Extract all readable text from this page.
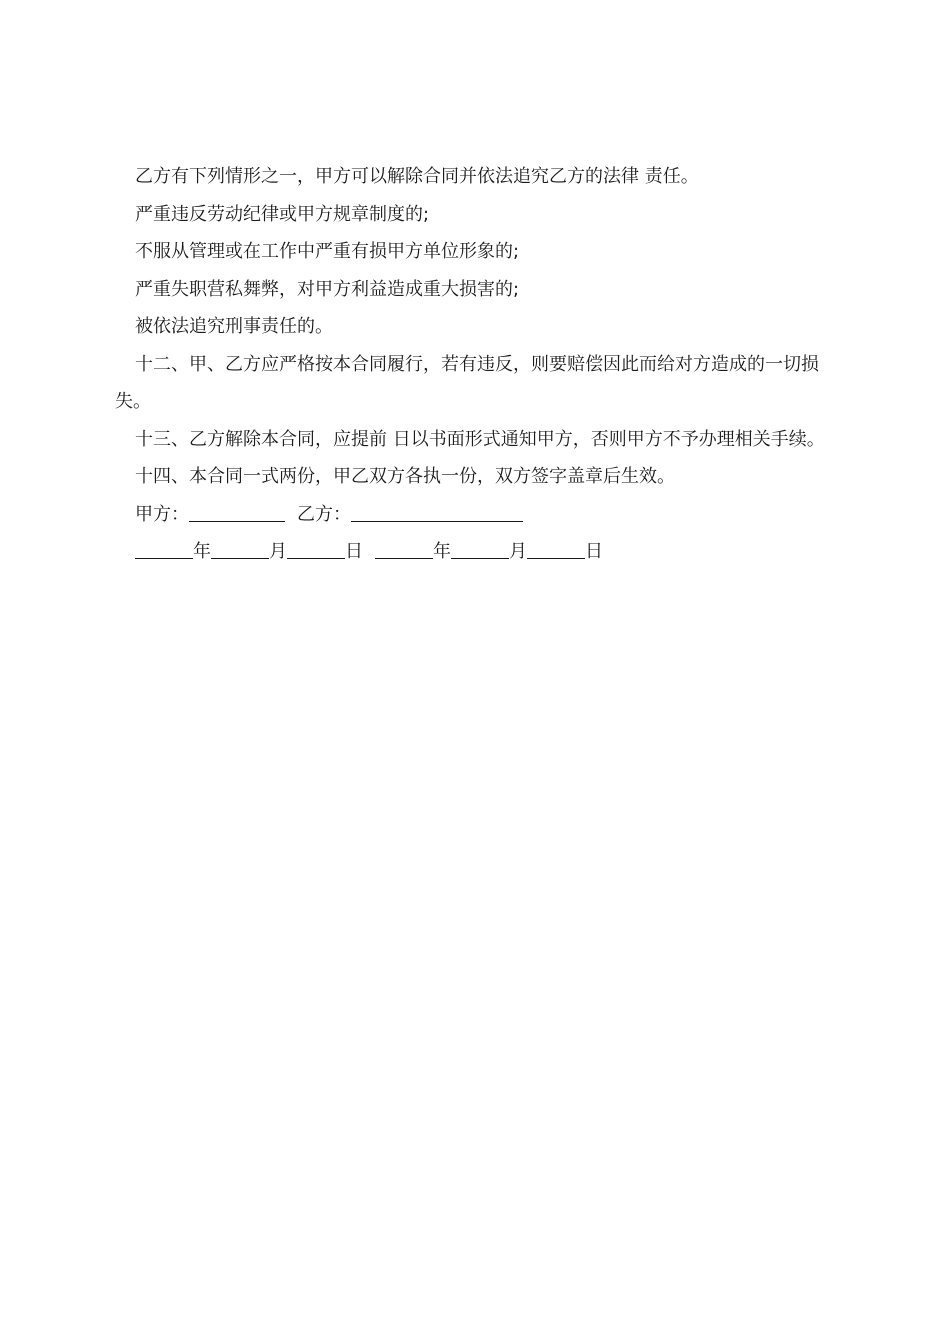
乙方有下列情形之一，甲方可以解除合同并依法追究乙方的法律 责任。

严重违反劳动纪律或甲方规章制度的;

不服从管理或在工作中严重有损甲方单位形象的;

严重失职营私舞弊，对甲方利益造成重大损害的;

被依法追究刑事责任的。

十二、甲、乙方应严格按本合同履行，若有违反，则要赔偿因此而给对方造成的一切损失。

十三、乙方解除本合同，应提前 日以书面形式通知甲方，否则甲方不予办理相关手续。

十四、本合同一式两份，甲乙双方各执一份，双方签字盖章后生效。

甲方：	乙方：
年	月	日	年	月	日
